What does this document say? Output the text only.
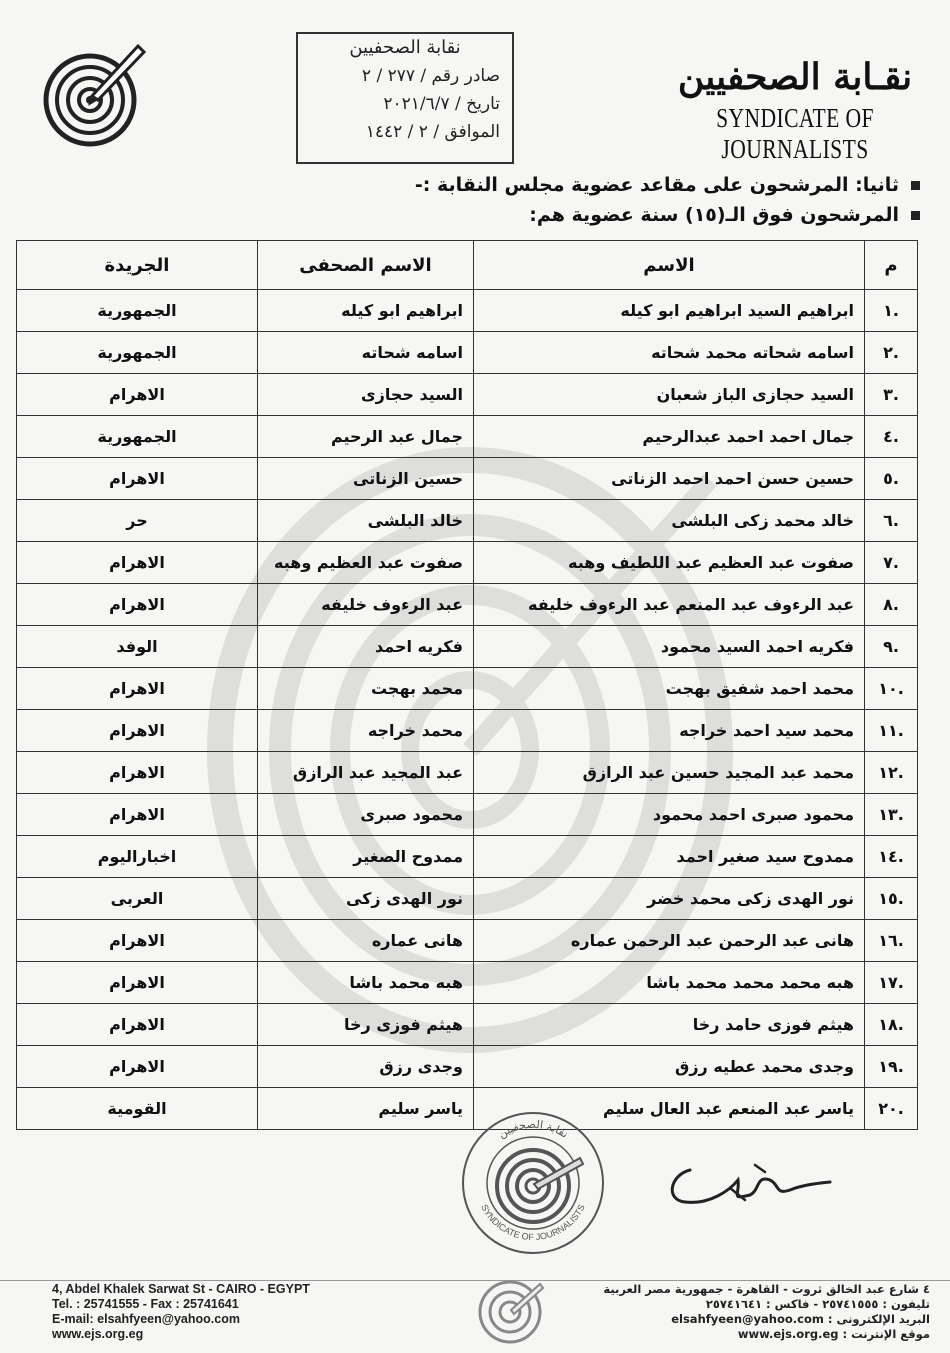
نقـابة الصحفيين
SYNDICATE OF JOURNALISTS
نقابة الصحفيين
صادر رقم / ٢٧٧ / ٢
تاريخ / ٢٠٢١/٦/٧
الموافق / ٢ / ١٤٤٢
ثانيا: المرشحون على مقاعد عضوية مجلس النقابة :-
المرشحون فوق الـ(١٥) سنة عضوية هم:
م	الاسم	الاسم الصحفى	الجريدة
.١	ابراهيم السيد ابراهيم ابو كيله	ابراهيم ابو كيله	الجمهورية
.٢	اسامه شحاته محمد شحاته	اسامه شحاته	الجمهورية
.٣	السيد حجازى الباز شعبان	السيد حجازى	الاهرام
.٤	جمال احمد احمد عبدالرحيم	جمال عبد الرحيم	الجمهورية
.٥	حسين حسن احمد احمد الزناتى	حسين الزناتى	الاهرام
.٦	خالد محمد زكى البلشى	خالد البلشى	حر
.٧	صفوت عبد العظيم عبد اللطيف وهبه	صفوت عبد العظيم وهبه	الاهرام
.٨	عبد الرءوف عبد المنعم عبد الرءوف خليفه	عبد الرءوف خليفه	الاهرام
.٩	فكريه احمد السيد محمود	فكريه احمد	الوفد
.١٠	محمد احمد شفيق بهجت	محمد بهجت	الاهرام
.١١	محمد سيد احمد خراجه	محمد خراجه	الاهرام
.١٢	محمد عبد المجيد حسين عبد الرازق	عبد المجيد عبد الرازق	الاهرام
.١٣	محمود صبرى احمد محمود	محمود صبرى	الاهرام
.١٤	ممدوح سيد صغير احمد	ممدوح الصغير	اخباراليوم
.١٥	نور الهدى زكى محمد خضر	نور الهدى زكى	العربى
.١٦	هانى عبد الرحمن عبد الرحمن عماره	هانى عماره	الاهرام
.١٧	هبه محمد محمد محمد باشا	هبه محمد باشا	الاهرام
.١٨	هيثم فوزى حامد رخا	هيثم فوزى رخا	الاهرام
.١٩	وجدى محمد عطيه رزق	وجدى رزق	الاهرام
.٢٠	ياسر عبد المنعم عبد العال سليم	ياسر سليم	القومية
نقابة الصحفيين
SYNDICATE OF JOURNALISTS
4, Abdel Khalek Sarwat St - CAIRO - EGYPT
Tel. : 25741555 - Fax : 25741641
E-mail: elsahfyeen@yahoo.com
www.ejs.org.eg
٤ شارع عبد الخالق ثروت - القاهرة - جمهورية مصر العربية
تليفون : ٢٥٧٤١٥٥٥ - فاكس : ٢٥٧٤١٦٤١
البريد الإلكترونى : elsahfyeen@yahoo.com
موقع الإنترنت : www.ejs.org.eg
